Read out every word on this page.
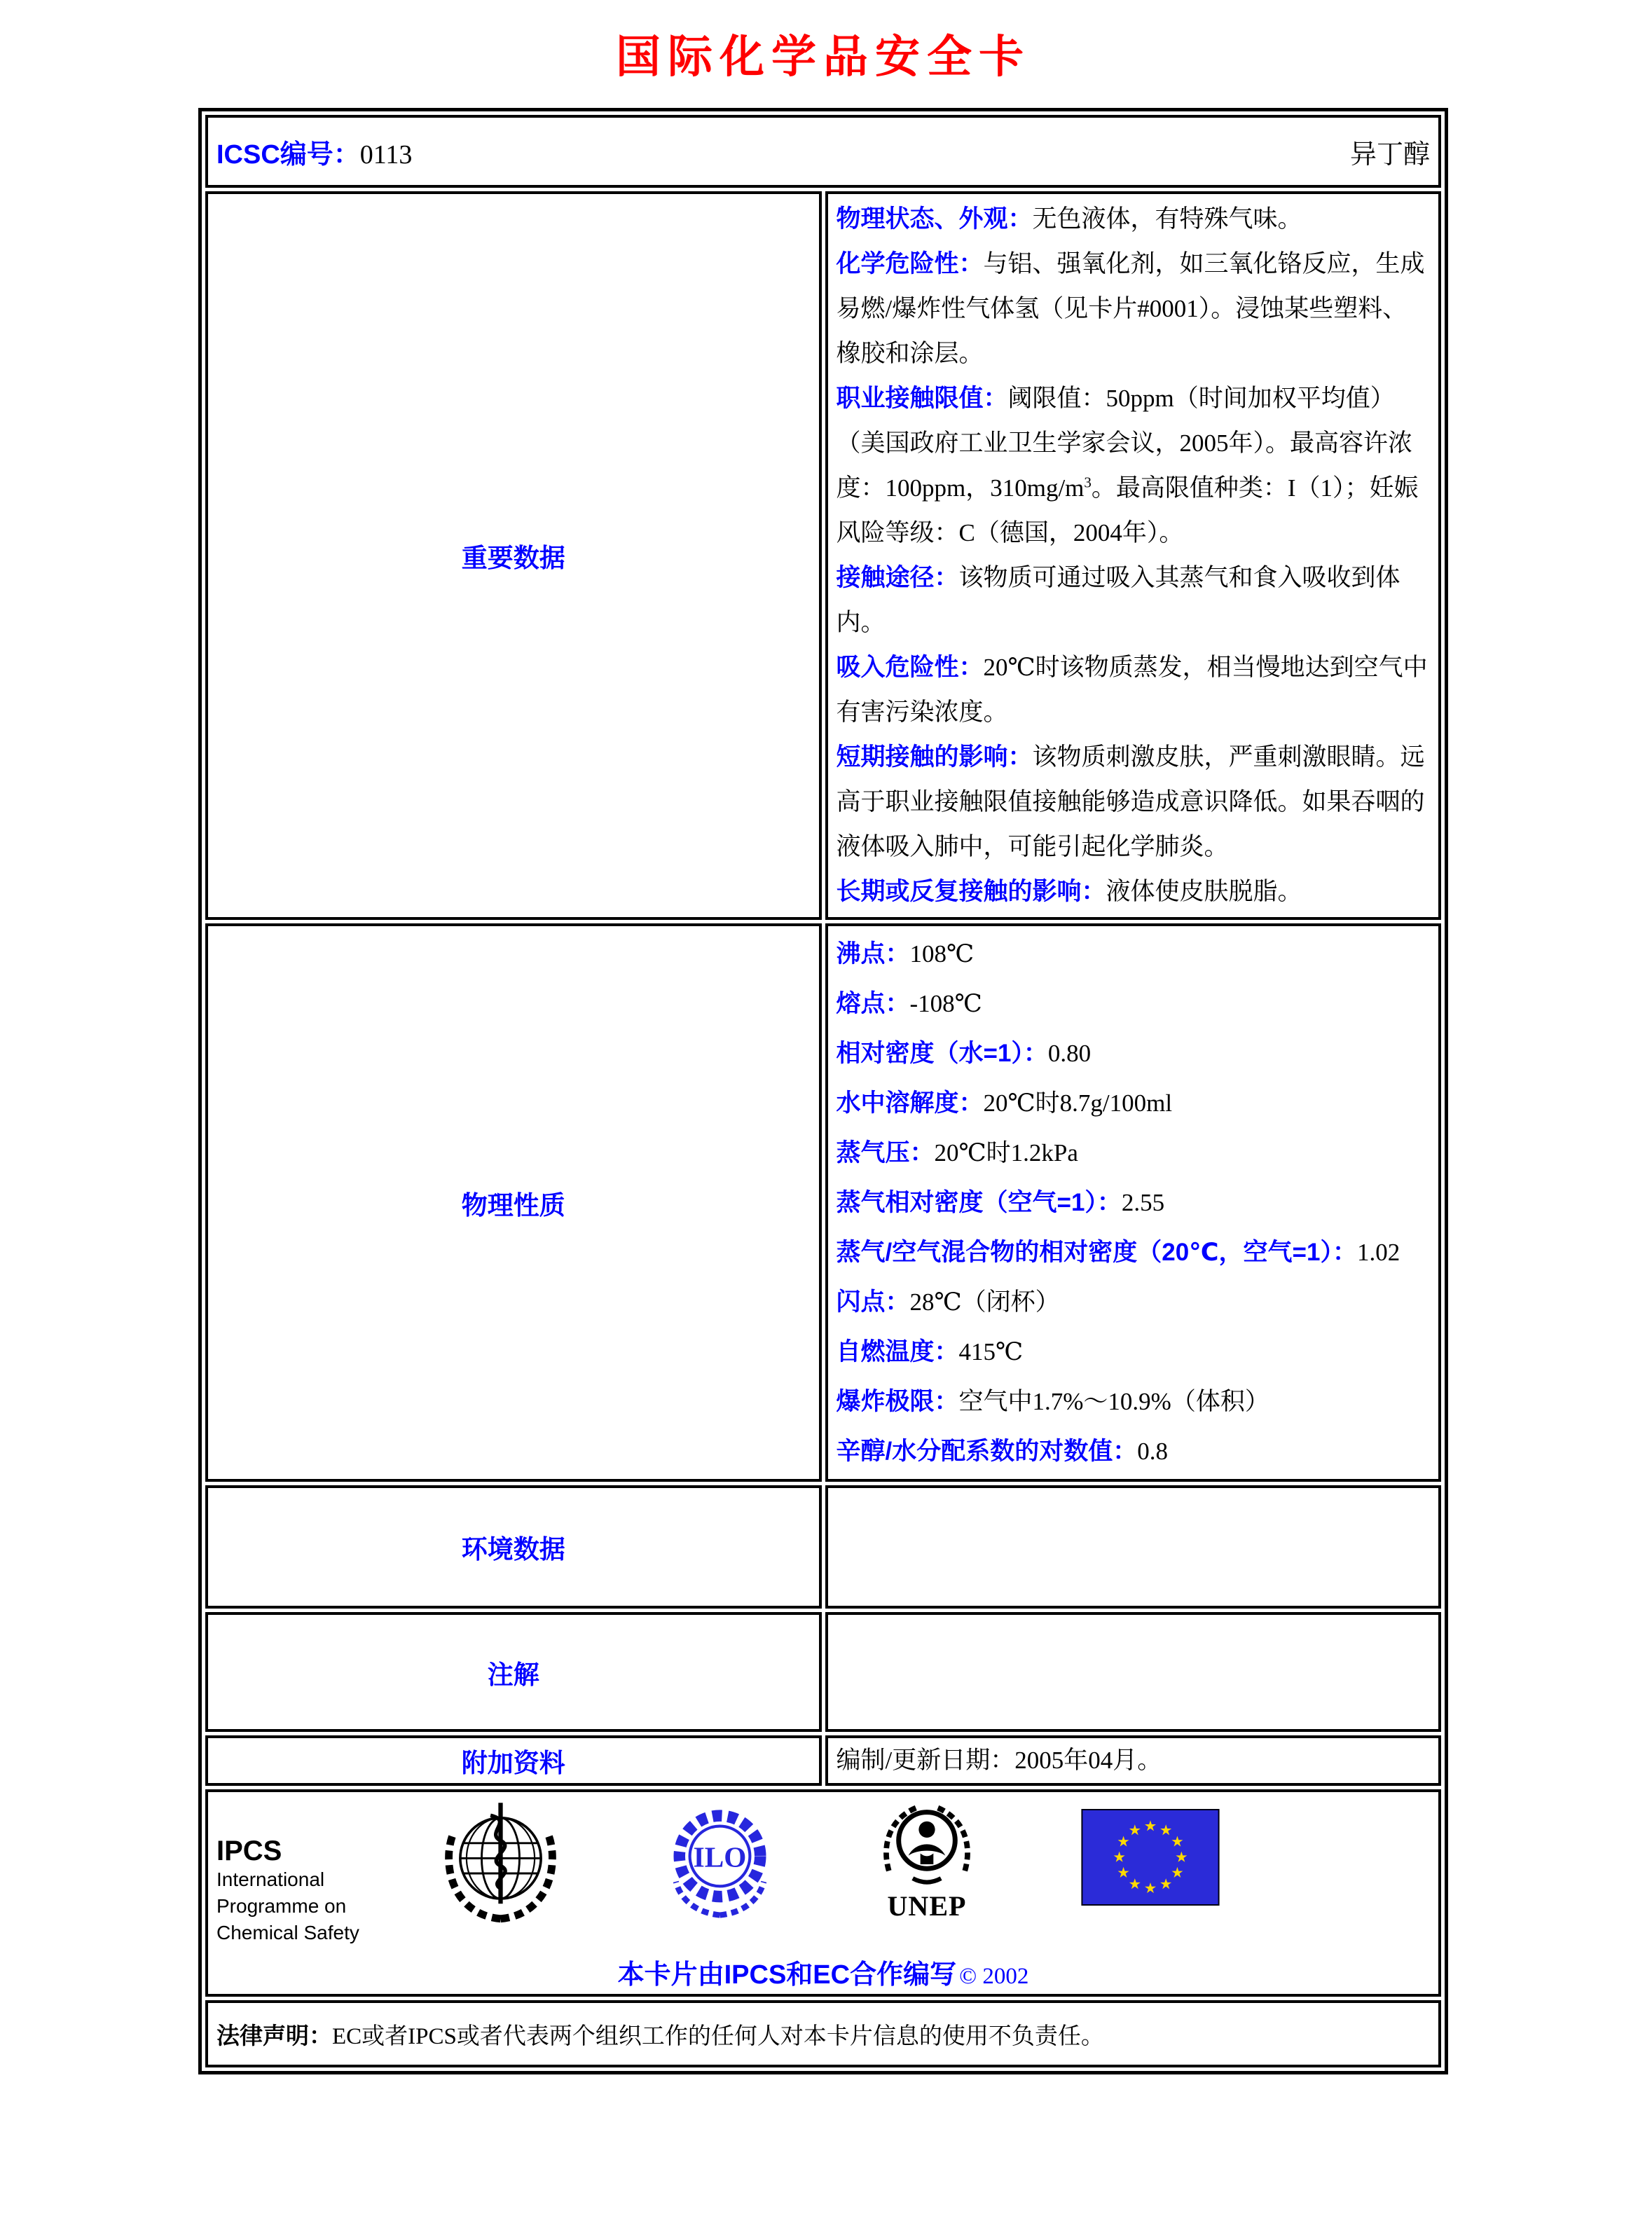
国际化学品安全卡
ICSC编号：0113 异丁醇	

重要数据	
物理状态、外观：无色液体，有特殊气味。
化学危险性：与铝、强氧化剂，如三氧化铬反应，生成易燃/爆炸性气体氢（见卡片#0001）。浸蚀某些塑料、橡胶和涂层。
职业接触限值：阈限值：50ppm（时间加权平均值）（美国政府工业卫生学家会议，2005年）。最高容许浓度：100ppm，$310mg/m^3$。最高限值种类：I（1）；妊娠风险等级：C（德国，2004年）。
接触途径：该物质可通过吸入其蒸气和食入吸收到体内。
吸入危险性：20℃时该物质蒸发，相当慢地达到空气中有害污染浓度。
短期接触的影响：该物质刺激皮肤，严重刺激眼睛。远高于职业接触限值接触能够造成意识降低。如果吞咽的液体吸入肺中，可能引起化学肺炎。
长期或反复接触的影响：液体使皮肤脱脂。

物理性质	
沸点：108℃
熔点：-108℃
相对密度（水=1）：0.80
水中溶解度：20℃时8.7g/100ml
蒸气压：20℃时1.2kPa
蒸气相对密度（空气=1）：2.55
蒸气/空气混合物的相对密度（20℃，空气=1）：1.02
闪点：28℃（闭杯）
自燃温度：415℃
爆炸极限：空气中1.7%～10.9%（体积）
辛醇/水分配系数的对数值：0.8

环境数据	
注解	
附加资料	编制/更新日期：2005年04月。

IPCS
International
Programme on
Chemical Safety
ILO
UNEP
本卡片由IPCS和EC合作编写 © 2002

法律声明：EC或者IPCS或者代表两个组织工作的任何人对本卡片信息的使用不负责任。	
